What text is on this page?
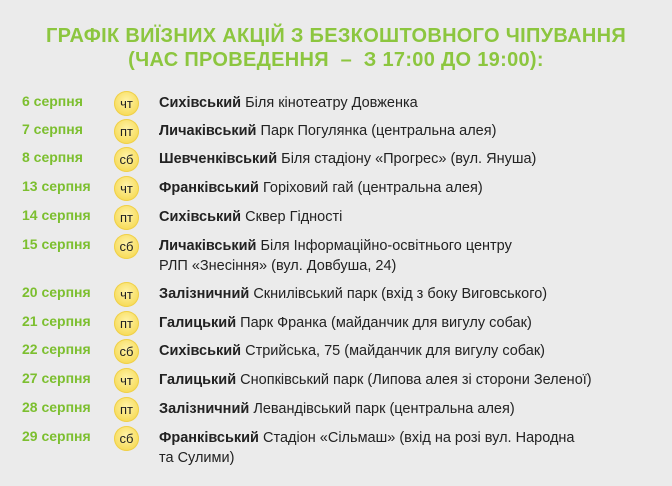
ГРАФІК ВИЇЗНИХ АКЦІЙ З БЕЗКОШТОВНОГО ЧІПУВАННЯ
(ЧАС ПРОВЕДЕННЯ  –  З 17:00 ДО 19:00):
6 серпня	чт	Сихівський Біля кінотеатру Довженка
7 серпня	пт	Личаківський Парк Погулянка (центральна алея)
8 серпня	сб	Шевченківський Біля стадіону «Прогрес» (вул. Януша)
13 серпня	чт	Франківський Горіховий гай (центральна алея)
14 серпня	пт	Сихівський Сквер Гідності
15 серпня	сб	Личаківський Біля Інформаційно-освітнього центру
РЛП «Знесіння» (вул. Довбуша, 24)
20 серпня	чт	Залізничний Скнилівський парк (вхід з боку Виговського)
21 серпня	пт	Галицький Парк Франка (майданчик для вигулу собак)
22 серпня	сб	Сихівський Стрийська, 75 (майданчик для вигулу собак)
27 серпня	чт	Галицький Снопківський парк (Липова алея зі сторони Зеленої)
28 серпня	пт	Залізничний Левандівський парк (центральна алея)
29 серпня	сб	Франківський Стадіон «Сільмаш» (вхід на розі вул. Народна
та Сулими)
